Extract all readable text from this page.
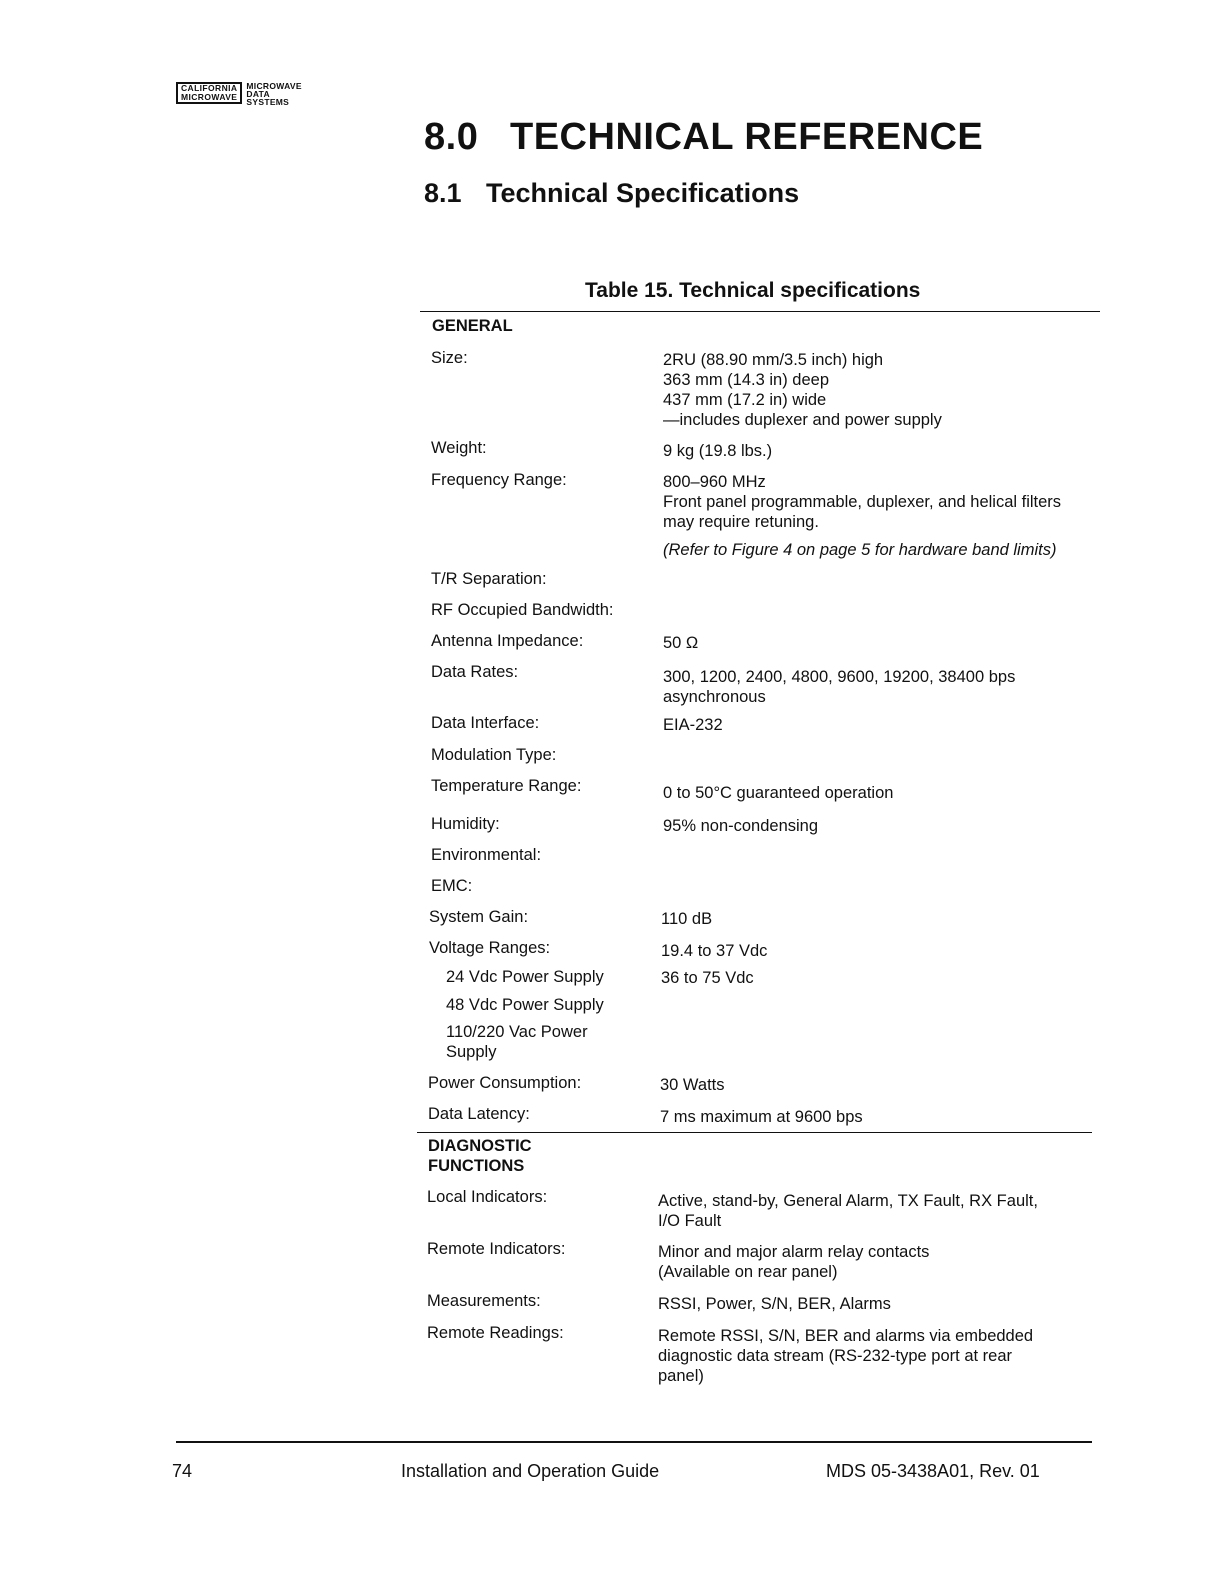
CALIFORNIA
MICROWAVE
MICROWAVE
DATA
SYSTEMS
8.0 TECHNICAL REFERENCE
8.1 Technical Specifications
Table 15. Technical specifications
GENERAL
Size:	2RU (88.90 mm/3.5 inch) high
363 mm (14.3 in) deep
437 mm (17.2 in) wide
—includes duplexer and power supply
Weight:	9 kg (19.8 lbs.)
Frequency Range:	800–960 MHz
Front panel programmable, duplexer, and helical filters
may require retuning.
(Refer to Figure 4 on page 5 for hardware band limits)
T/R Separation:
RF Occupied Bandwidth:
Antenna Impedance:	50 Ω
Data Rates:	300, 1200, 2400, 4800, 9600, 19200, 38400 bps
asynchronous
Data Interface:	EIA-232
Modulation Type:
Temperature Range:	0 to 50°C guaranteed operation
Humidity:	95% non-condensing
Environmental:
EMC:
System Gain:	110 dB
Voltage Ranges:	19.4 to 37 Vdc
24 Vdc Power Supply	36 to 75 Vdc
48 Vdc Power Supply
110/220 Vac Power
Supply
Power Consumption:	30 Watts
Data Latency:	7 ms maximum at 9600 bps
DIAGNOSTIC
FUNCTIONS
Local Indicators:	Active, stand-by, General Alarm, TX Fault, RX Fault,
I/O Fault
Remote Indicators:	Minor and major alarm relay contacts
(Available on rear panel)
Measurements:	RSSI, Power, S/N, BER, Alarms
Remote Readings:	Remote RSSI, S/N, BER and alarms via embedded
diagnostic data stream (RS-232-type port at rear
panel)
74	Installation and Operation Guide	MDS 05-3438A01, Rev. 01
